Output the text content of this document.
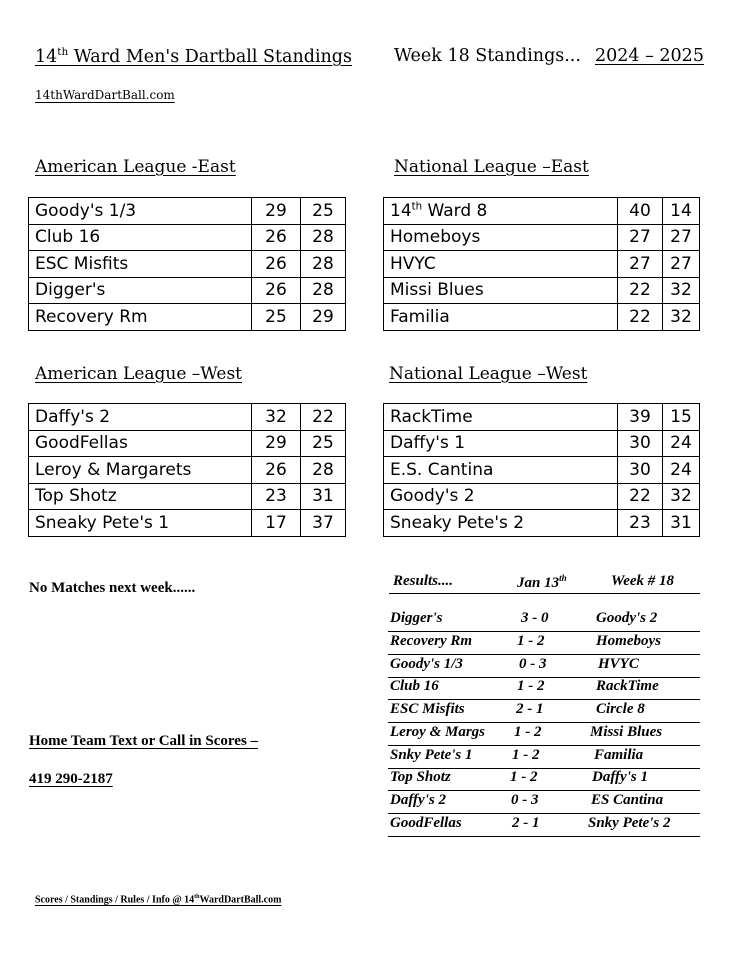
14th Ward Men's Dartball Standings Week 18 Standings... 2024 – 2025
14thWardDartBall.com
American League -East	National League –East
American League –West	National League –West
Goody's 1/3	29	25
Club 16	26	28
ESC Misfits	26	28
Digger's	26	28
Recovery Rm	25	29
14th Ward 8	40	14
Homeboys	27	27
HVYC	27	27
Missi Blues	22	32
Familia	22	32
Daffy's 2	32	22
GoodFellas	29	25
Leroy & Margarets	26	28
Top Shotz	23	31
Sneaky Pete's 1	17	37
RackTime	39	15
Daffy's 1	30	24
E.S. Cantina	30	24
Goody's 2	22	32
Sneaky Pete's 2	23	31
No Matches next week......
Home Team Text or Call in Scores –
419 290-2187
Results....	Jan 13th	Week # 18
Digger's	3 - 0	Goody's 2
Recovery Rm	1 - 2	Homeboys
Goody's 1/3	0 - 3	HVYC
Club 16	1 - 2	RackTime
ESC Misfits	2 - 1	Circle 8
Leroy & Margs 1 - 2	Missi Blues
Snky Pete's 1	1 - 2	Familia
Top Shotz	1 - 2	Daffy's 1
Daffy's 2	0 - 3	ES Cantina
GoodFellas	2 - 1	Snky Pete's 2
Scores / Standings / Rules / Info @ 14thWardDartBall.com
